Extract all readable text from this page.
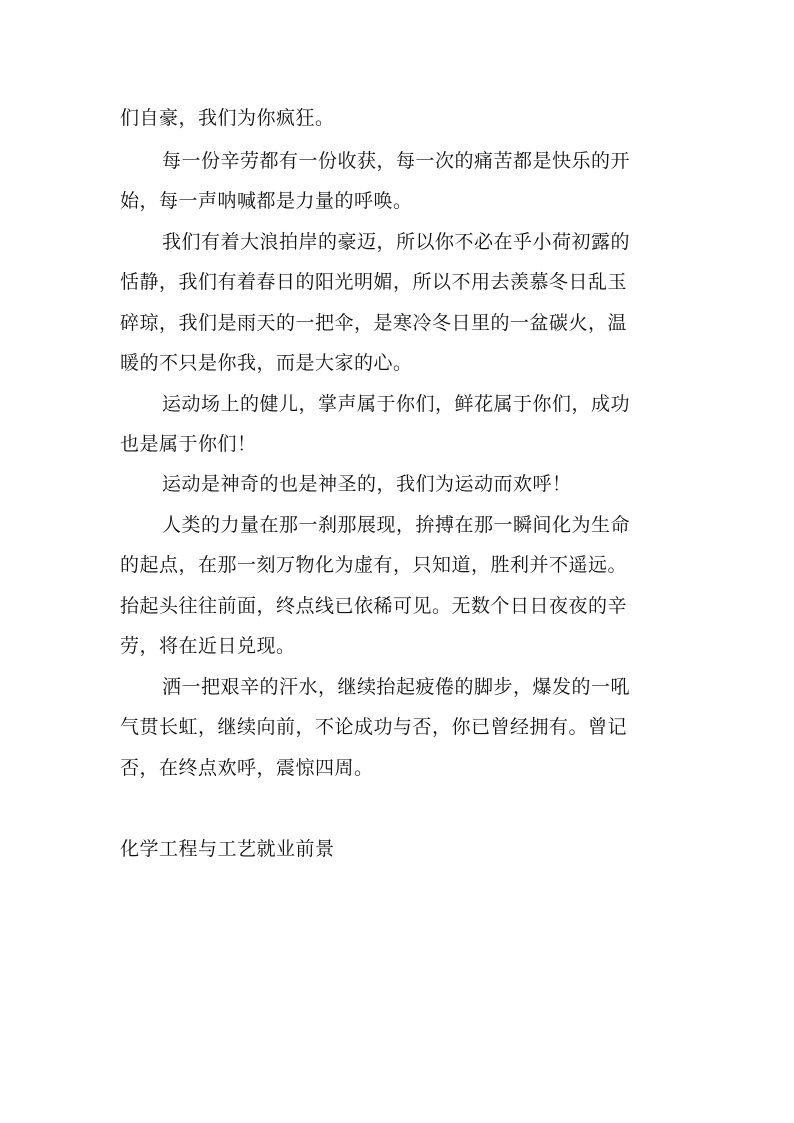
们自豪，我们为你疯狂。
每一份辛劳都有一份收获，每一次的痛苦都是快乐的开
始，每一声呐喊都是力量的呼唤。
我们有着大浪拍岸的豪迈，所以你不必在乎小荷初露的
恬静，我们有着春日的阳光明媚，所以不用去羡慕冬日乱玉
碎琼，我们是雨天的一把伞，是寒冷冬日里的一盆碳火，温
暖的不只是你我，而是大家的心。
运动场上的健儿，掌声属于你们，鲜花属于你们，成功
也是属于你们！
运动是神奇的也是神圣的，我们为运动而欢呼！
人类的力量在那一刹那展现，拚搏在那一瞬间化为生命
的起点，在那一刻万物化为虚有，只知道，胜利并不遥远。
抬起头往往前面，终点线已依稀可见。无数个日日夜夜的辛
劳，将在近日兑现。
洒一把艰辛的汗水，继续抬起疲倦的脚步，爆发的一吼
气贯长虹，继续向前，不论成功与否，你已曾经拥有。曾记
否，在终点欢呼，震惊四周。
化学工程与工艺就业前景
